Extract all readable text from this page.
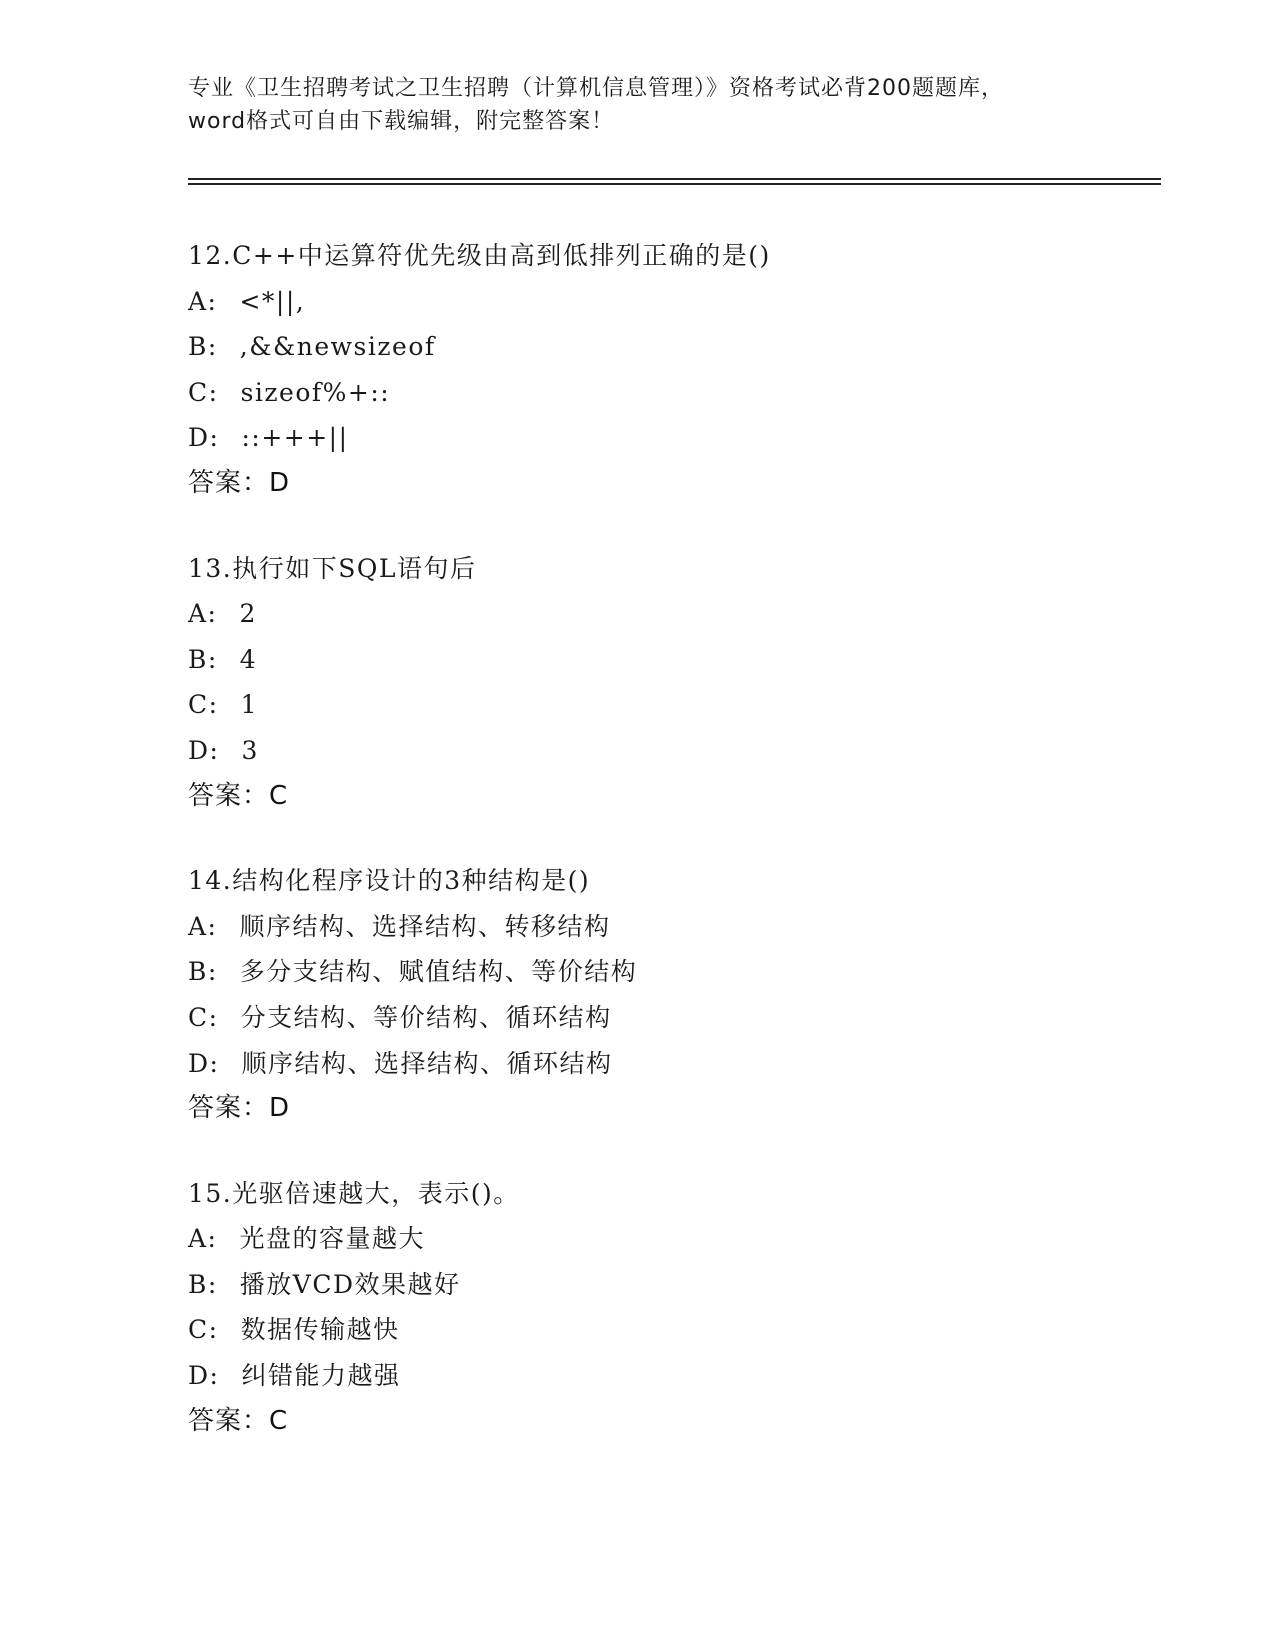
专业《卫生招聘考试之卫生招聘（计算机信息管理）》资格考试必背200题题库，
word格式可自由下载编辑，附完整答案！
12.C++中运算符优先级由高到低排列正确的是()
A: <*||,
B: ,&&newsizeof
C: sizeof%+::
D: ::+++||
答案：D
13.执行如下SQL语句后
A: 2
B: 4
C: 1
D: 3
答案：C
14.结构化程序设计的3种结构是()
A: 顺序结构、选择结构、转移结构
B: 多分支结构、赋值结构、等价结构
C: 分支结构、等价结构、循环结构
D: 顺序结构、选择结构、循环结构
答案：D
15.光驱倍速越大，表示()。
A: 光盘的容量越大
B: 播放VCD效果越好
C: 数据传输越快
D: 纠错能力越强
答案：C
